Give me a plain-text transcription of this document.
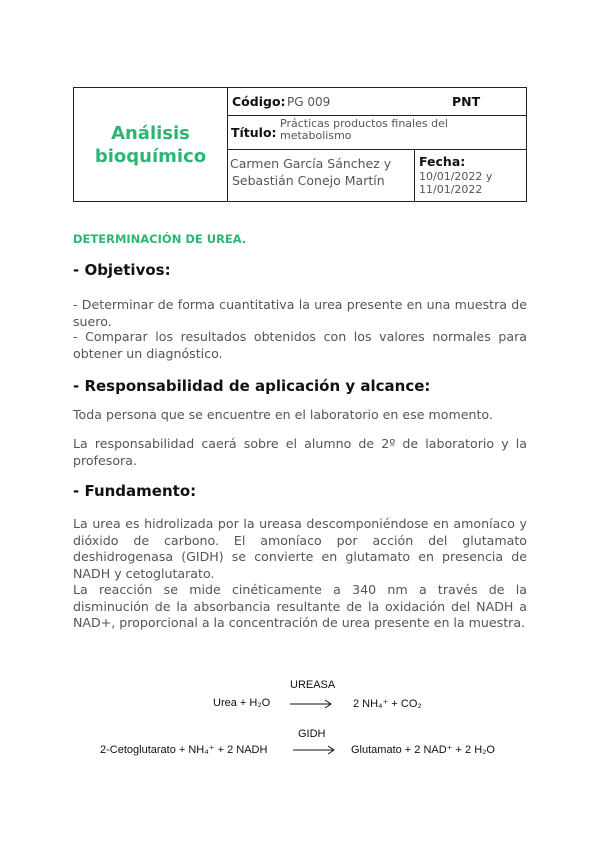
Análisis
bioquímico
Código: PG 009	PNT
Título:
Prácticas productos finales del metabolismo
Carmen García Sánchez y
Sebastián Conejo Martín
Fecha:
10/01/2022 y
11/01/2022
DETERMINACIÓN DE UREA.
- Objetivos:
- Determinar de forma cuantitativa la urea presente en una muestra de suero.
- Comparar los resultados obtenidos con los valores normales para obtener un diagnóstico.
- Responsabilidad de aplicación y alcance:
Toda persona que se encuentre en el laboratorio en ese momento.
La responsabilidad caerá sobre el alumno de 2º de laboratorio y la profesora.
- Fundamento:
La urea es hidrolizada por la ureasa descomponiéndose en amoníaco y dióxido de carbono. El amoníaco por acción del glutamato deshidrogenasa (GIDH) se convierte en glutamato en presencia de NADH y cetoglutarato.
La reacción se mide cinéticamente a 340 nm a través de la disminución de la absorbancia resultante de la oxidación del NADH a NAD+, proporcional a la concentración de urea presente en la muestra.
UREASA
Urea + H₂O → 2 NH₄⁺ + CO₂
GIDH
2-Cetoglutarato + NH₄⁺ + 2 NADH → Glutamato + 2 NAD⁺ + 2 H₂O
